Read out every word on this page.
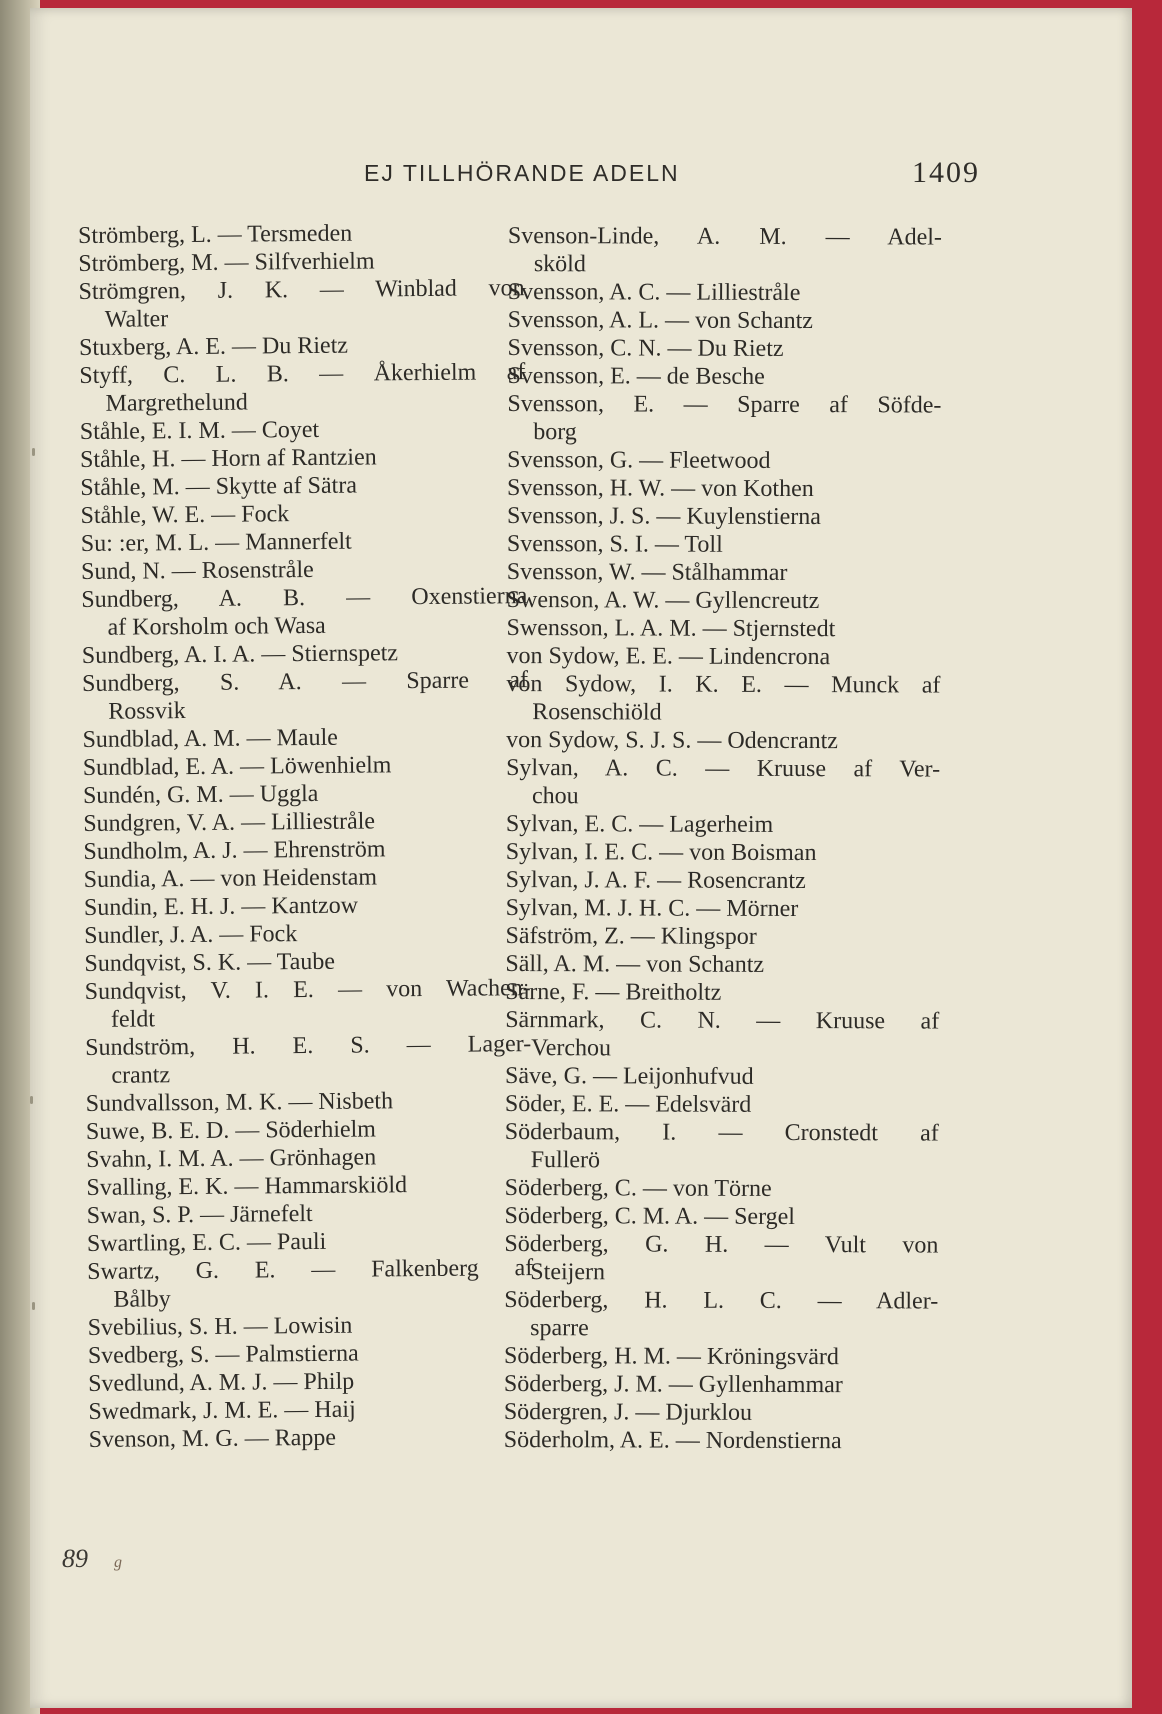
EJ TILLHÖRANDE ADELN	1409
Strömberg, L. — Tersmeden
Strömberg, M. — Silfverhielm
Strömgren, J. K. — Winblad von
Walter
Stuxberg, A. E. — Du Rietz
Styff, C. L. B. — Åkerhielm af
Margrethelund
Ståhle, E. I. M. — Coyet
Ståhle, H. — Horn af Rantzien
Ståhle, M. — Skytte af Sätra
Ståhle, W. E. — Fock
Su: :er, M. L. — Mannerfelt
Sund, N. — Rosenstråle
Sundberg, A. B. — Oxenstierna
af Korsholm och Wasa
Sundberg, A. I. A. — Stiernspetz
Sundberg, S. A. — Sparre af
Rossvik
Sundblad, A. M. — Maule
Sundblad, E. A. — Löwenhielm
Sundén, G. M. — Uggla
Sundgren, V. A. — Lilliestråle
Sundholm, A. J. — Ehrenström
Sundia, A. — von Heidenstam
Sundin, E. H. J. — Kantzow
Sundler, J. A. — Fock
Sundqvist, S. K. — Taube
Sundqvist, V. I. E. — von Wachen-
feldt
Sundström, H. E. S. — Lager-
crantz
Sundvallsson, M. K. — Nisbeth
Suwe, B. E. D. — Söderhielm
Svahn, I. M. A. — Grönhagen
Svalling, E. K. — Hammarskiöld
Swan, S. P. — Järnefelt
Swartling, E. C. — Pauli
Swartz, G. E. — Falkenberg af
Bålby
Svebilius, S. H. — Lowisin
Svedberg, S. — Palmstierna
Svedlund, A. M. J. — Philp
Swedmark, J. M. E. — Haij
Svenson, M. G. — Rappe
Svenson-Linde, A. M. — Adel-
sköld
Svensson, A. C. — Lilliestråle
Svensson, A. L. — von Schantz
Svensson, C. N. — Du Rietz
Svensson, E. — de Besche
Svensson, E. — Sparre af Söfde-
borg
Svensson, G. — Fleetwood
Svensson, H. W. — von Kothen
Svensson, J. S. — Kuylenstierna
Svensson, S. I. — Toll
Svensson, W. — Stålhammar
Swenson, A. W. — Gyllencreutz
Swensson, L. A. M. — Stjernstedt
von Sydow, E. E. — Lindencrona
von Sydow, I. K. E. — Munck af
Rosenschiöld
von Sydow, S. J. S. — Odencrantz
Sylvan, A. C. — Kruuse af Ver-
chou
Sylvan, E. C. — Lagerheim
Sylvan, I. E. C. — von Boisman
Sylvan, J. A. F. — Rosencrantz
Sylvan, M. J. H. C. — Mörner
Säfström, Z. — Klingspor
Säll, A. M. — von Schantz
Särne, F. — Breitholtz
Särnmark, C. N. — Kruuse af
Verchou
Säve, G. — Leijonhufvud
Söder, E. E. — Edelsvärd
Söderbaum, I. — Cronstedt af
Fullerö
Söderberg, C. — von Törne
Söderberg, C. M. A. — Sergel
Söderberg, G. H. — Vult von
Steijern
Söderberg, H. L. C. — Adler-
sparre
Söderberg, H. M. — Kröningsvärd
Söderberg, J. M. — Gyllenhammar
Södergren, J. — Djurklou
Söderholm, A. E. — Nordenstierna
89 g
